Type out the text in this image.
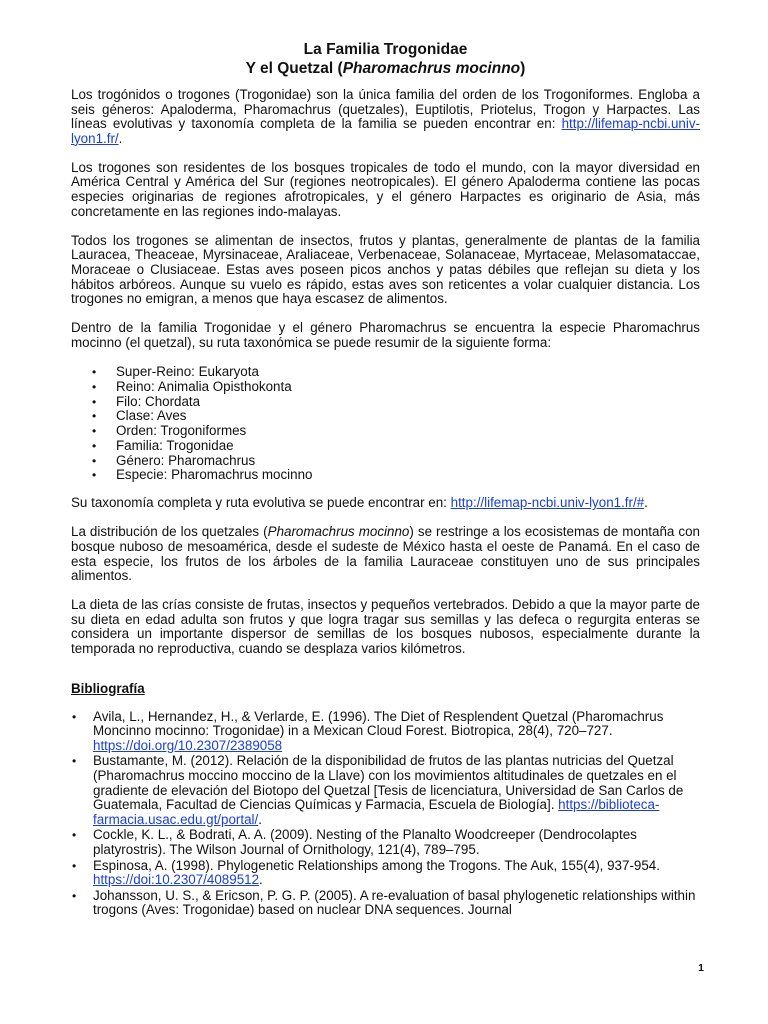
La Familia Trogonidae
Y el Quetzal (Pharomachrus mocinno)

Los trogónidos o trogones (Trogonidae) son la única familia del orden de los Trogoniformes. Engloba a seis géneros: Apaloderma, Pharomachrus (quetzales), Euptilotis, Priotelus, Trogon y Harpactes. Las líneas evolutivas y taxonomía completa de la familia se pueden encontrar en: http://lifemap-ncbi.univ-lyon1.fr/.

Los trogones son residentes de los bosques tropicales de todo el mundo, con la mayor diversidad en América Central y América del Sur (regiones neotropicales). El género Apaloderma contiene las pocas especies originarias de regiones afrotropicales, y el género Harpactes es originario de Asia, más concretamente en las regiones indo-malayas.

Todos los trogones se alimentan de insectos, frutos y plantas, generalmente de plantas de la familia Lauracea, Theaceae, Myrsinaceae, Araliaceae, Verbenaceae, Solanaceae, Myrtaceae, Melasomataccae, Moraceae o Clusiaceae. Estas aves poseen picos anchos y patas débiles que reflejan su dieta y los hábitos arbóreos. Aunque su vuelo es rápido, estas aves son reticentes a volar cualquier distancia. Los trogones no emigran, a menos que haya escasez de alimentos.

Dentro de la familia Trogonidae y el género Pharomachrus se encuentra la especie Pharomachrus mocinno (el quetzal), su ruta taxonómica se puede resumir de la siguiente forma:

• Super-Reino: Eukaryota
• Reino: Animalia Opisthokonta
• Filo: Chordata
• Clase: Aves
• Orden: Trogoniformes
• Familia: Trogonidae
• Género: Pharomachrus
• Especie: Pharomachrus mocinno

Su taxonomía completa y ruta evolutiva se puede encontrar en: http://lifemap-ncbi.univ-lyon1.fr/#.

La distribución de los quetzales (Pharomachrus mocinno) se restringe a los ecosistemas de montaña con bosque nuboso de mesoamérica, desde el sudeste de México hasta el oeste de Panamá. En el caso de esta especie, los frutos de los árboles de la familia Lauraceae constituyen uno de sus principales alimentos.

La dieta de las crías consiste de frutas, insectos y pequeños vertebrados. Debido a que la mayor parte de su dieta en edad adulta son frutos y que logra tragar sus semillas y las defeca o regurgita enteras se considera un importante dispersor de semillas de los bosques nubosos, especialmente durante la temporada no reproductiva, cuando se desplaza varios kilómetros.

Bibliografía
• Avila, L., Hernandez, H., & Verlarde, E. (1996). The Diet of Resplendent Quetzal (Pharomachrus Moncinno mocinno: Trogonidae) in a Mexican Cloud Forest. Biotropica, 28(4), 720–727. https://doi.org/10.2307/2389058
• Bustamante, M. (2012). Relación de la disponibilidad de frutos de las plantas nutricias del Quetzal (Pharomachrus moccino moccino de la Llave) con los movimientos altitudinales de quetzales en el gradiente de elevación del Biotopo del Quetzal [Tesis de licenciatura, Universidad de San Carlos de Guatemala, Facultad de Ciencias Químicas y Farmacia, Escuela de Biología]. https://biblioteca-farmacia.usac.edu.gt/portal/.
• Cockle, K. L., & Bodrati, A. A. (2009). Nesting of the Planalto Woodcreeper (Dendrocolaptes platyrostris). The Wilson Journal of Ornithology, 121(4), 789–795.
• Espinosa, A. (1998). Phylogenetic Relationships among the Trogons. The Auk, 155(4), 937-954. https://doi:10.2307/4089512.
• Johansson, U. S., & Ericson, P. G. P. (2005). A re-evaluation of basal phylogenetic relationships within trogons (Aves: Trogonidae) based on nuclear DNA sequences. Journal
1
